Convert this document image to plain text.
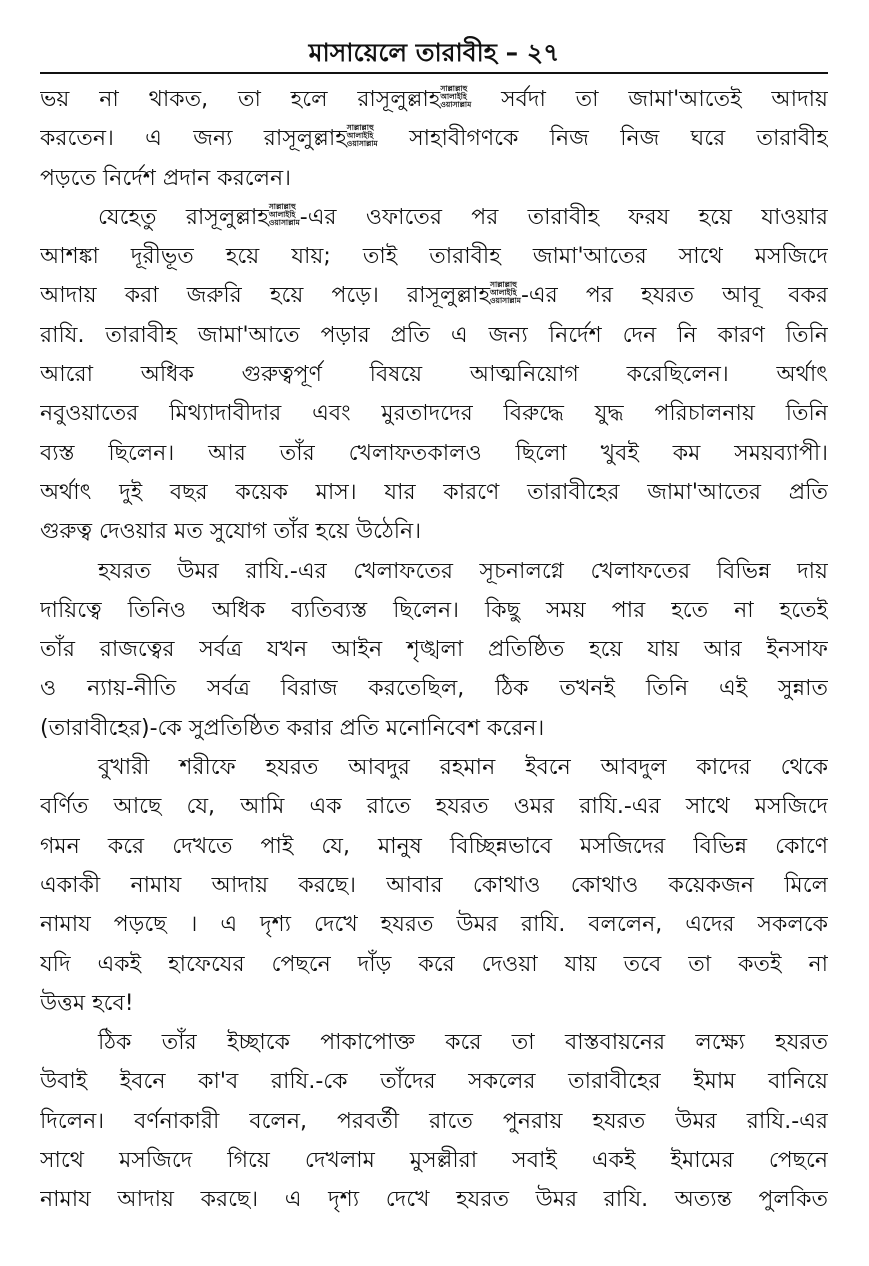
মাসায়েলে তারাবীহ – ২৭
ভয় না থাকত, তা হলে রাসূলুল্লাহ সাল্লাল্লাহু
আলাইহি
ওয়াসাল্লাম সর্বদা তা জামা'আতেই আদায়
করতেন। এ জন্য রাসূলুল্লাহ সাল্লাল্লাহু
আলাইহি
ওয়াসাল্লাম সাহাবীগণকে নিজ নিজ ঘরে তারাবীহ
পড়তে নির্দেশ প্রদান করলেন।
যেহেতু রাসূলুল্লাহ সাল্লাল্লাহু
আলাইহি
ওয়াসাল্লাম -এর ওফাতের পর তারাবীহ ফরয হয়ে যাওয়ার
আশঙ্কা দূরীভূত হয়ে যায়; তাই তারাবীহ জামা'আতের সাথে মসজিদে
আদায় করা জরুরি হয়ে পড়ে। রাসূলুল্লাহ সাল্লাল্লাহু
আলাইহি
ওয়াসাল্লাম -এর পর হযরত আবূ বকর
রাযি. তারাবীহ জামা'আতে পড়ার প্রতি এ জন্য নির্দেশ দেন নি কারণ তিনি
আরো অধিক গুরুত্বপূর্ণ বিষয়ে আত্মনিয়োগ করেছিলেন। অর্থাৎ
নবুওয়াতের মিথ্যাদাবীদার এবং মুরতাদদের বিরুদ্ধে যুদ্ধ পরিচালনায় তিনি
ব্যস্ত ছিলেন। আর তাঁর খেলাফতকালও ছিলো খুবই কম সময়ব্যাপী।
অর্থাৎ দুই বছর কয়েক মাস। যার কারণে তারাবীহের জামা'আতের প্রতি
গুরুত্ব দেওয়ার মত সুযোগ তাঁর হয়ে উঠেনি।
হযরত উমর রাযি.-এর খেলাফতের সূচনালগ্নে খেলাফতের বিভিন্ন দায়
দায়িত্বে তিনিও অধিক ব্যতিব্যস্ত ছিলেন। কিছু সময় পার হতে না হতেই
তাঁর রাজত্বের সর্বত্র যখন আইন শৃঙ্খলা প্রতিষ্ঠিত হয়ে যায় আর ইনসাফ
ও ন্যায়-নীতি সর্বত্র বিরাজ করতেছিল, ঠিক তখনই তিনি এই সুন্নাত
(তারাবীহের)-কে সুপ্রতিষ্ঠিত করার প্রতি মনোনিবেশ করেন।
বুখারী শরীফে হযরত আবদুর রহমান ইবনে আবদুল কাদের থেকে
বর্ণিত আছে যে, আমি এক রাতে হযরত ওমর রাযি.-এর সাথে মসজিদে
গমন করে দেখতে পাই যে, মানুষ বিচ্ছিন্নভাবে মসজিদের বিভিন্ন কোণে
একাকী নামায আদায় করছে। আবার কোথাও কোথাও কয়েকজন মিলে
নামায পড়ছে । এ দৃশ্য দেখে হযরত উমর রাযি. বললেন, এদের সকলকে
যদি একই হাফেযের পেছনে দাঁড় করে দেওয়া যায় তবে তা কতই না
উত্তম হবে!
ঠিক তাঁর ইচ্ছাকে পাকাপোক্ত করে তা বাস্তবায়নের লক্ষ্যে হযরত
উবাই ইবনে কা'ব রাযি.-কে তাঁদের সকলের তারাবীহের ইমাম বানিয়ে
দিলেন। বর্ণনাকারী বলেন, পরবর্তী রাতে পুনরায় হযরত উমর রাযি.-এর
সাথে মসজিদে গিয়ে দেখলাম মুসল্লীরা সবাই একই ইমামের পেছনে
নামায আদায় করছে। এ দৃশ্য দেখে হযরত উমর রাযি. অত্যন্ত পুলকিত
